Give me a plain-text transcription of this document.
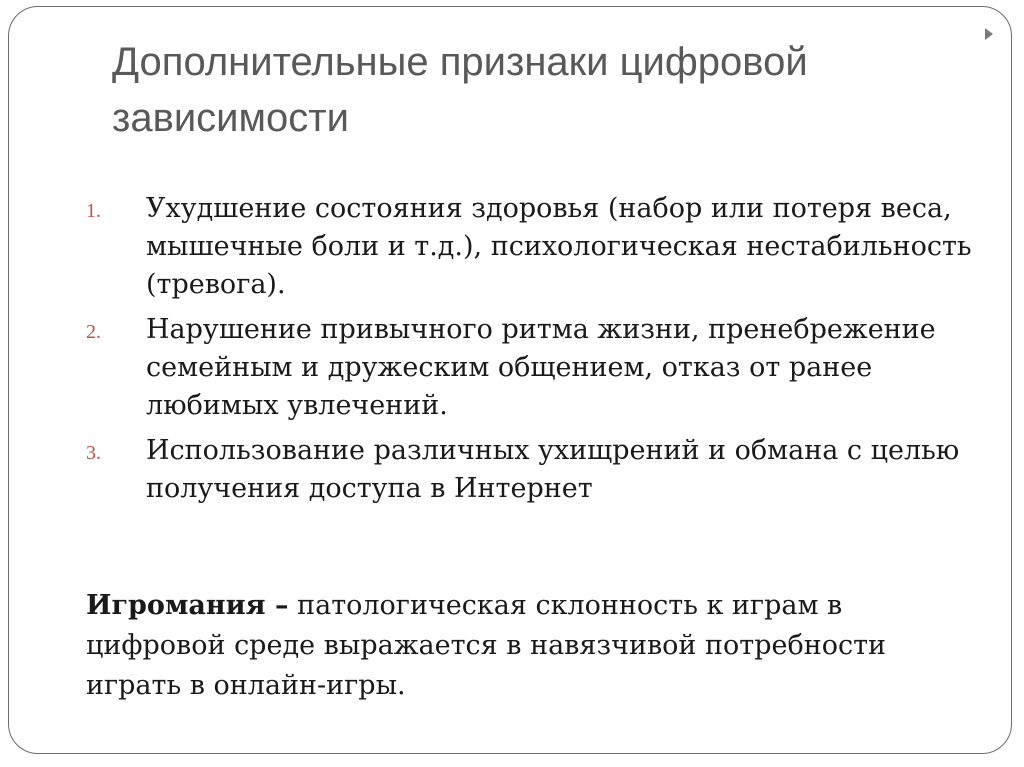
Дополнительные признаки цифровой зависимости
1.	Ухудшение состояния здоровья (набор или потеря веса, мышечные боли и т.д.), психологическая нестабильность (тревога).
2.	Нарушение привычного ритма жизни, пренебрежение семейным и дружеским общением, отказ от ранее любимых увлечений.
3.	Использование различных ухищрений и обмана с целью получения доступа в Интернет

Игромания – патологическая склонность к играм в цифровой среде выражается в навязчивой потребности играть в онлайн-игры.
